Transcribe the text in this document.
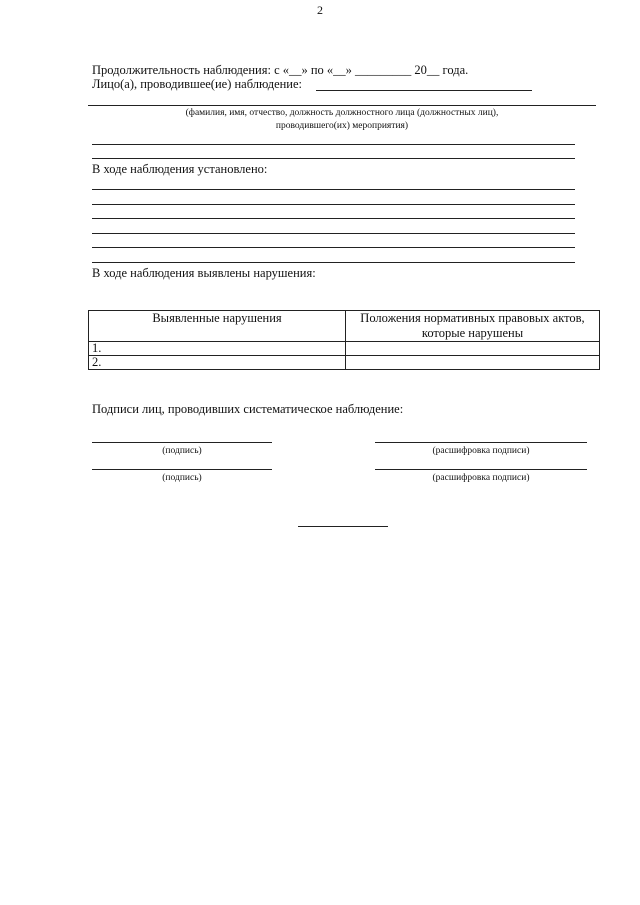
2
Продолжительность наблюдения: с «__» по «__» _________ 20__ года.
Лицо(а), проводившее(ие) наблюдение:
(фамилия, имя, отчество, должность должностного лица (должностных лиц),
проводившего(их) мероприятия)
В ходе наблюдения установлено:
В ходе наблюдения выявлены нарушения:
Выявленные нарушения	Положения нормативных правовых актов,
которые нарушены
1.	
2.	
Подписи лиц, проводивших систематическое наблюдение:
(подпись)	(расшифровка подписи)
(подпись)	(расшифровка подписи)
